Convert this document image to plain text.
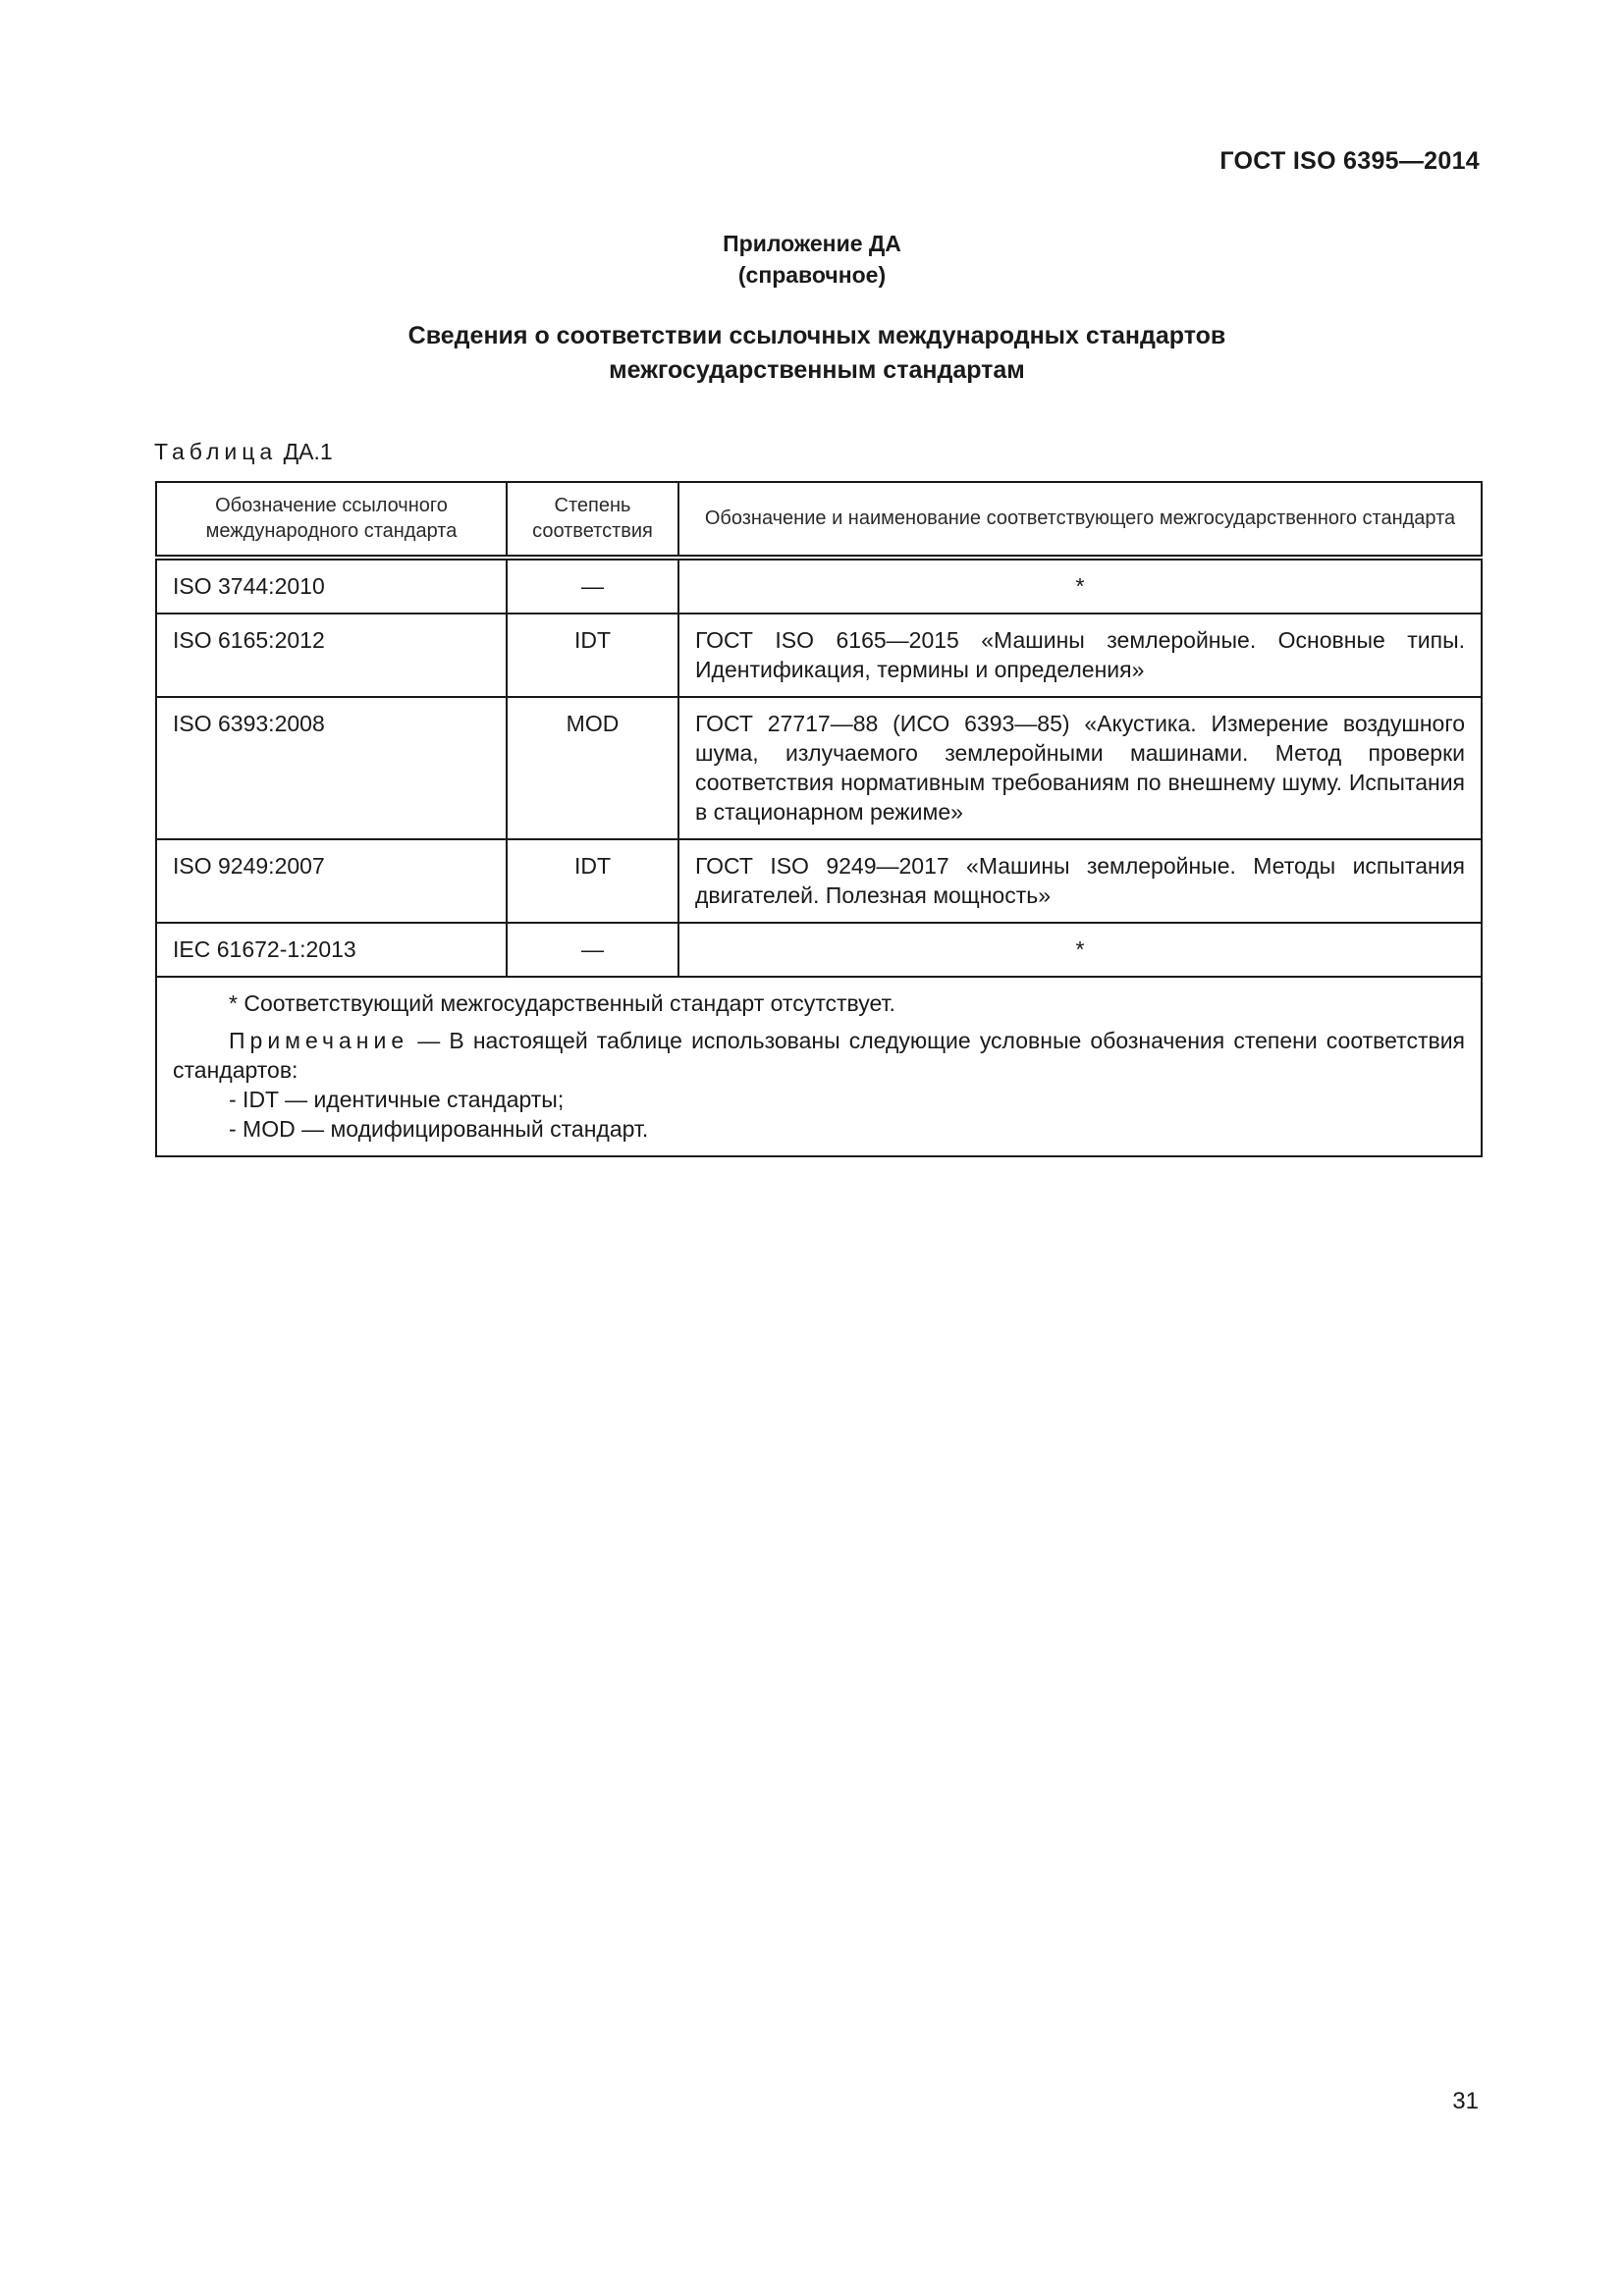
ГОСТ ISO 6395—2014
Приложение ДА
(справочное)
Сведения о соответствии ссылочных международных стандартов
межгосударственным стандартам
Таблица ДА.1
Обозначение ссылочного международного стандарта	Степень соответствия	Обозначение и наименование соответствующего межгосударственного стандарта
ISO 3744:2010	—	*
ISO 6165:2012	IDT	ГОСТ ISO 6165—2015 «Машины землеройные. Основные типы. Идентификация, термины и определения»
ISO 6393:2008	MOD	ГОСТ 27717—88 (ИСО 6393—85) «Акустика. Измерение воздушного шума, излучаемого землеройными машинами. Метод проверки соответствия нормативным требованиям по внешнему шуму. Испытания в стационарном режиме»
ISO 9249:2007	IDT	ГОСТ ISO 9249—2017 «Машины землеройные. Методы испытания двигателей. Полезная мощность»
IEC 61672-1:2013	—	*

* Соответствующий межгосударственный стандарт отсутствует.

Примечание — В настоящей таблице использованы следующие условные обозначения степени соответствия стандартов:

- IDT — идентичные стандарты;

- MOD — модифицированный стандарт.		

31
